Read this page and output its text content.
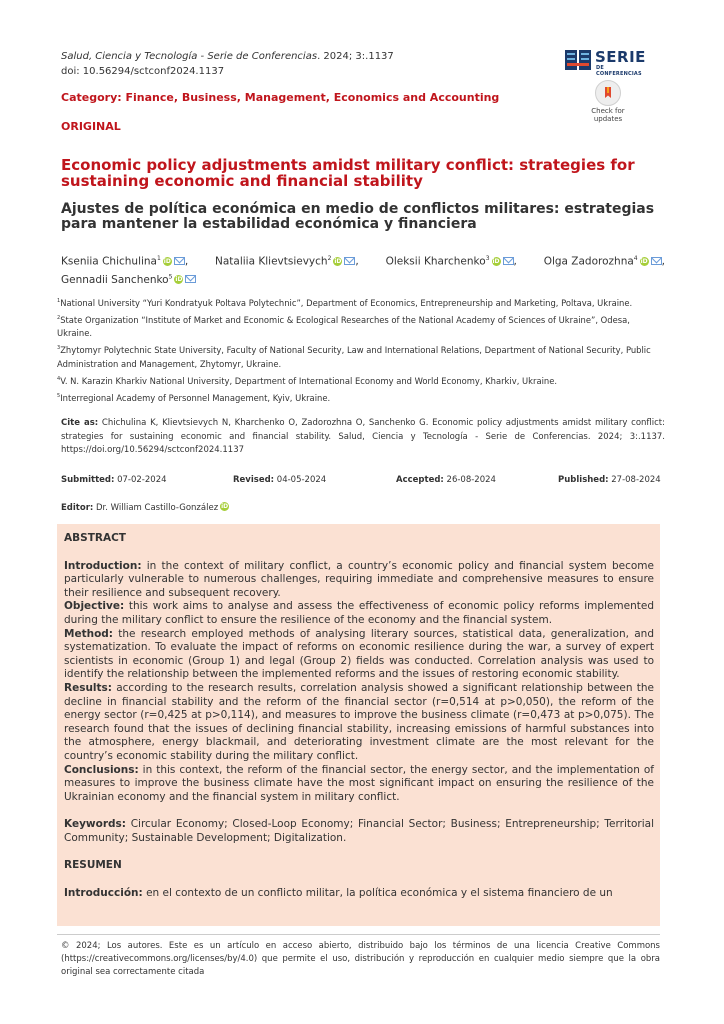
Salud, Ciencia y Tecnología - Serie de Conferencias. 2024; 3:.1137
doi: 10.56294/sctconf2024.1137
SERIE
DE CONFERENCIAS
Check for updates
Category: Finance, Business, Management, Economics and Accounting
ORIGINAL
Economic policy adjustments amidst military conflict: strategies for sustaining economic and financial stability
Ajustes de política económica en medio de conflictos militares: estrategias para mantener la estabilidad económica y financiera
Kseniia Chichulina$^1$ iD ,	Nataliia Klievtsievych$^2$ iD ,	Oleksii Kharchenko$^3$ iD ,	Olga Zadorozhna$^4$ iD ,
Gennadii Sanchenko$^5$ iD

$^1$National University “Yuri Kondratyuk Poltava Polytechnic”, Department of Economics, Entrepreneurship and Marketing, Poltava, Ukraine.

$^2$State Organization “Institute of Market and Economic & Ecological Researches of the National Academy of Sciences of Ukraine”, Odesa, Ukraine.

$^3$Zhytomyr Polytechnic State University, Faculty of National Security, Law and International Relations, Department of National Security, Public Administration and Management, Zhytomyr, Ukraine.

$^4$V. N. Karazin Kharkiv National University, Department of International Economy and World Economy, Kharkiv, Ukraine.

$^5$Interregional Academy of Personnel Management, Kyiv, Ukraine.

Cite as: Chichulina K, Klievtsievych N, Kharchenko O, Zadorozhna O, Sanchenko G. Economic policy adjustments amidst military conflict: strategies for sustaining economic and financial stability. Salud, Ciencia y Tecnología - Serie de Conferencias. 2024; 3:.1137. https://doi.org/10.56294/sctconf2024.1137
Submitted: 07-02-2024	Revised: 04-05-2024	Accepted: 26-08-2024	Published: 27-08-2024
Editor: Dr. William Castillo-González iD
ABSTRACT

Introduction: in the context of military conflict, a country’s economic policy and financial system become particularly vulnerable to numerous challenges, requiring immediate and comprehensive measures to ensure their resilience and subsequent recovery.

Objective: this work aims to analyse and assess the effectiveness of economic policy reforms implemented during the military conflict to ensure the resilience of the economy and the financial system.

Method: the research employed methods of analysing literary sources, statistical data, generalization, and systematization. To evaluate the impact of reforms on economic resilience during the war, a survey of expert scientists in economic (Group 1) and legal (Group 2) fields was conducted. Correlation analysis was used to identify the relationship between the implemented reforms and the issues of restoring economic stability.

Results: according to the research results, correlation analysis showed a significant relationship between the decline in financial stability and the reform of the financial sector (r=0,514 at p>0,050), the reform of the energy sector (r=0,425 at p>0,114), and measures to improve the business climate (r=0,473 at p>0,075). The research found that the issues of declining financial stability, increasing emissions of harmful substances into the atmosphere, energy blackmail, and deteriorating investment climate are the most relevant for the country’s economic stability during the military conflict.

Conclusions: in this context, the reform of the financial sector, the energy sector, and the implementation of measures to improve the business climate have the most significant impact on ensuring the resilience of the Ukrainian economy and the financial system in military conflict.

Keywords: Circular Economy; Closed-Loop Economy; Financial Sector; Business; Entrepreneurship; Territorial Community; Sustainable Development; Digitalization.

RESUMEN

Introducción: en el contexto de un conflicto militar, la política económica y el sistema financiero de un

© 2024; Los autores. Este es un artículo en acceso abierto, distribuido bajo los términos de una licencia Creative Commons (https://creativecommons.org/licenses/by/4.0) que permite el uso, distribución y reproducción en cualquier medio siempre que la obra original sea correctamente citada
